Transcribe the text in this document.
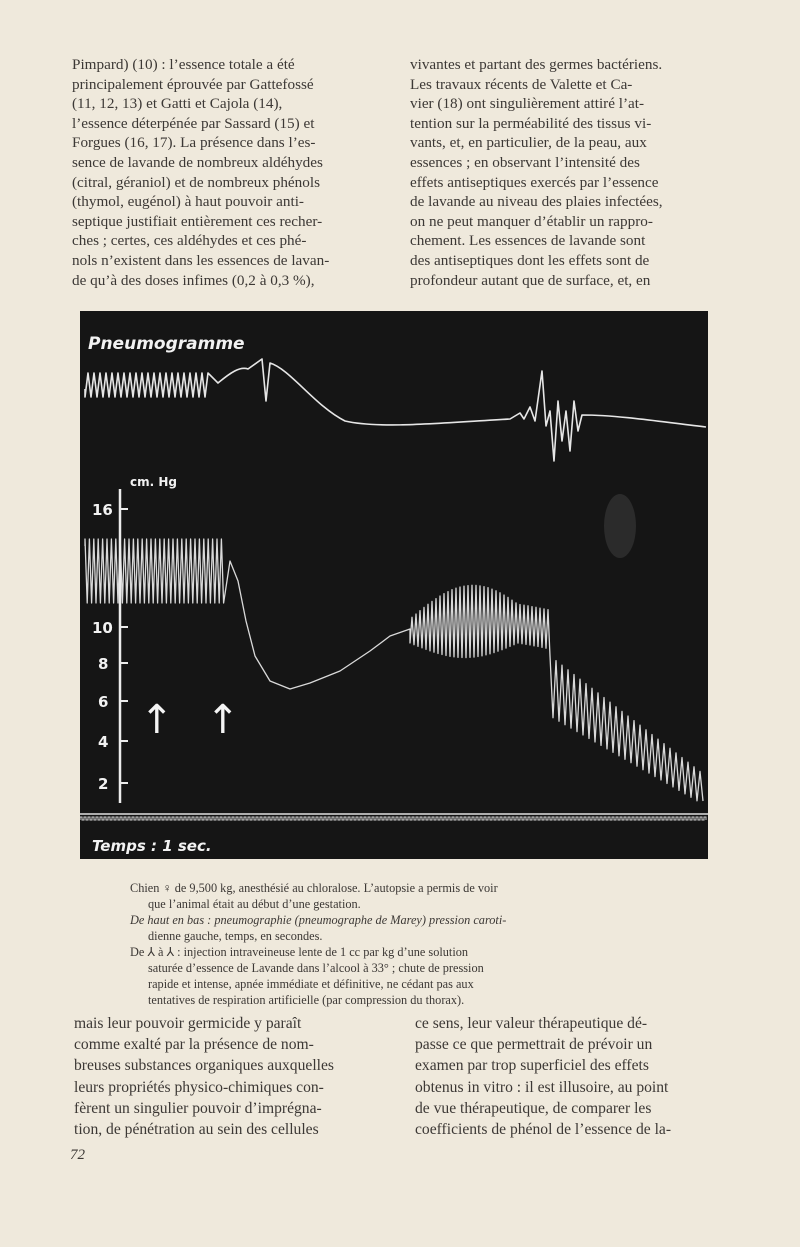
Pimpard) (10) : l’essence totale a été

principalement éprouvée par Gattefossé

(11, 12, 13) et Gatti et Cajola (14),

l’essence déterpénée par Sassard (15) et

Forgues (16, 17). La présence dans l’es-

sence de lavande de nombreux aldéhydes

(citral, géraniol) et de nombreux phénols

(thymol, eugénol) à haut pouvoir anti-

septique justifiait entièrement ces recher-

ches ; certes, ces aldéhydes et ces phé-

nols n’existent dans les essences de lavan-

de qu’à des doses infimes (0,2 à 0,3 %),

vivantes et partant des germes bactériens.

Les travaux récents de Valette et Ca-

vier (18) ont singulièrement attiré l’at-

tention sur la perméabilité des tissus vi-

vants, et, en particulier, de la peau, aux

essences ; en observant l’intensité des

effets antiseptiques exercés par l’essence

de lavande au niveau des plaies infectées,

on ne peut manquer d’établir un rappro-

chement. Les essences de lavande sont

des antiseptiques dont les effets sont de

profondeur autant que de surface, et, en

Pneumogramme
cm. Hg
Temps : 1 sec.
↑ ↑
16
10
8
6
4
2

Chien ♀ de 9,500 kg, anesthésié au chloralose. L’autopsie a permis de voir

que l’animal était au début d’une gestation.

De haut en bas : pneumographie (pneumographe de Marey) pression caroti-

dienne gauche, temps, en secondes.

De ⅄ à ⅄ : injection intraveineuse lente de 1 cc par kg d’une solution

saturée d’essence de Lavande dans l’alcool à 33° ; chute de pression

rapide et intense, apnée immédiate et définitive, ne cédant pas aux

tentatives de respiration artificielle (par compression du thorax).

mais leur pouvoir germicide y paraît

comme exalté par la présence de nom-

breuses substances organiques auxquelles

leurs propriétés physico-chimiques con-

fèrent un singulier pouvoir d’imprégna-

tion, de pénétration au sein des cellules

ce sens, leur valeur thérapeutique dé-

passe ce que permettrait de prévoir un

examen par trop superficiel des effets

obtenus in vitro : il est illusoire, au point

de vue thérapeutique, de comparer les

coefficients de phénol de l’essence de la-

72
